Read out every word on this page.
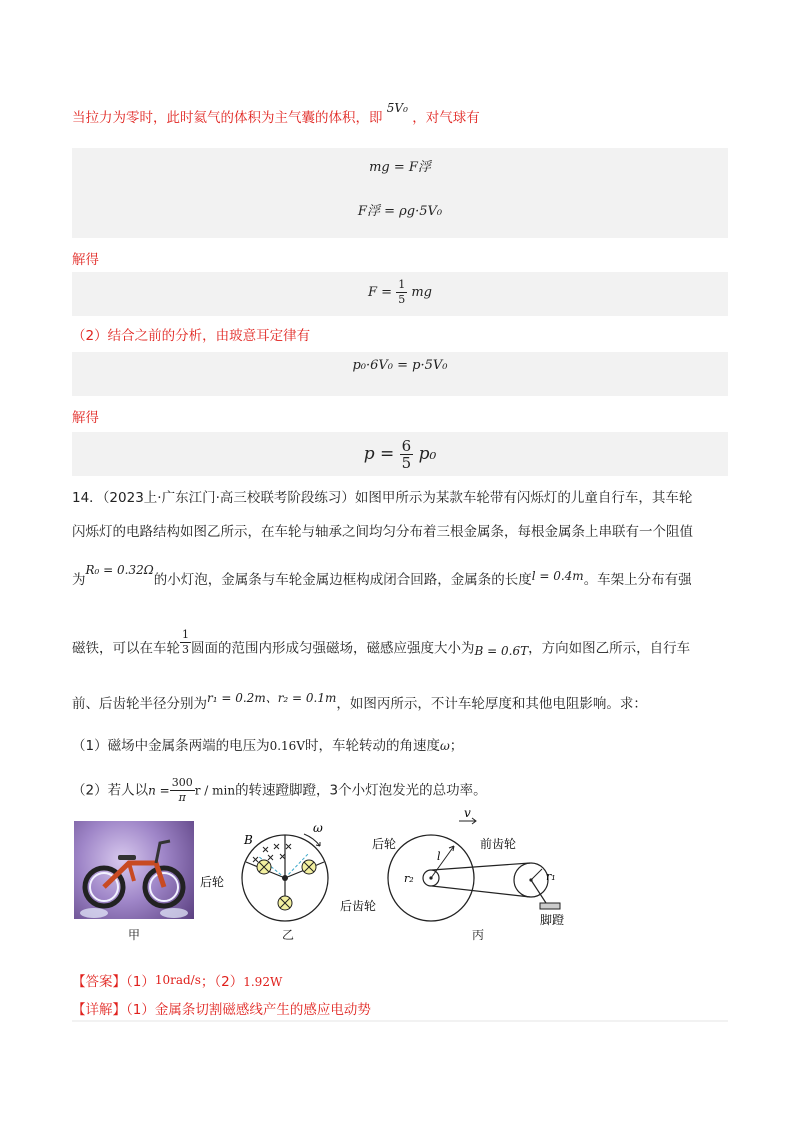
当拉力为零时，此时氦气的体积为主气囊的体积，即 5V₀ ，对气球有
mg = F浮
F浮 = ρg·5V₀
解得
$F = \frac{1}{5}$ mg
（2）结合之前的分析，由玻意耳定律有
p₀·6V₀ = p·5V₀
解得
$p = \frac{6}{5} p_0$
14．（2023上·广东江门·高三校联考阶段练习）如图甲所示为某款车轮带有闪烁灯的儿童自行车，其车轮
闪烁灯的电路结构如图乙所示，在车轮与轴承之间均匀分布着三根金属条，每根金属条上串联有一个阻值
为R₀ = 0.32Ω的小灯泡，金属条与车轮金属边框构成闭合回路，金属条的长度l = 0.4m。车架上分布有强
磁铁，可以在车轮 $\frac{1}{3}$ 圆面的范围内形成匀强磁场，磁感应强度大小为B = 0.6T，方向如图乙所示，自行车
前、后齿轮半径分别为r₁ = 0.2m、r₂ = 0.1m，如图丙所示，不计车轮厚度和其他电阻影响。求：
（1）磁场中金属条两端的电压为0.16V时，车轮转动的角速度ω；
（2）若人以$n = \frac{300}{\pi}$ r / min的转速蹬脚蹬，3个小灯泡发光的总功率。
甲
B
ω
后轮
乙
v
后轮	前齿轮
后齿轮
脚蹬
l
r₂	r₁
丙
【答案】（1）10rad/s；（2）1.92W
【详解】（1）金属条切割磁感线产生的感应电动势
